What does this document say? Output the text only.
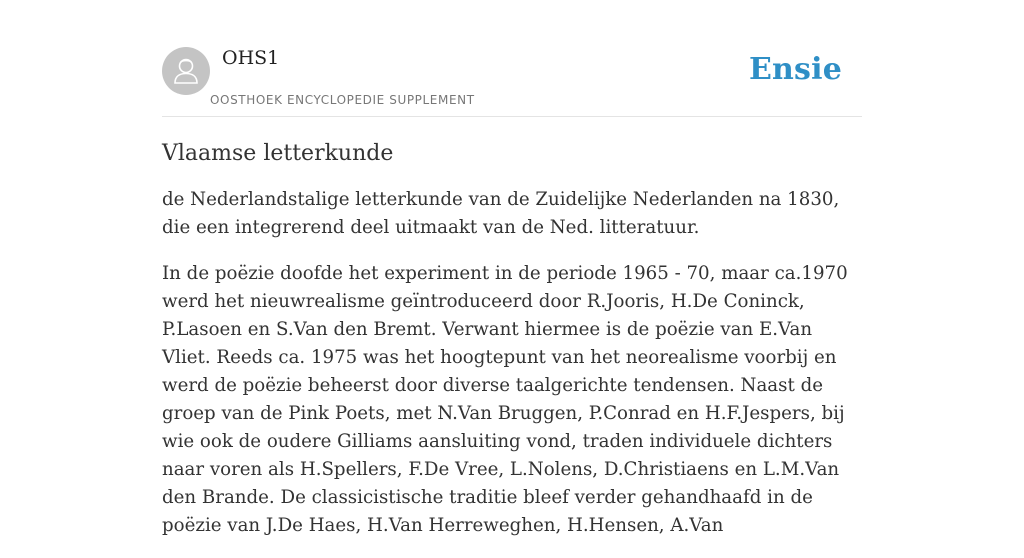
OHS1
OOSTHOEK ENCYCLOPEDIE SUPPLEMENT
Ensie
Vlaamse letterkunde

de Nederlandstalige letterkunde van de Zuidelijke Nederlanden na 1830, die een integrerend deel uitmaakt van de Ned. litteratuur.

In de poëzie doofde het experiment in de periode 1965 - 70, maar ca.1970 werd het nieuwrealisme geïntroduceerd door R.Jooris, H.De Coninck, P.Lasoen en S.Van den Bremt. Verwant hiermee is de poëzie van E.Van Vliet. Reeds ca. 1975 was het hoogtepunt van het neorealisme voorbij en werd de poëzie beheerst door diverse taalgerichte tendensen. Naast de groep van de Pink Poets, met N.Van Bruggen, P.Conrad en H.F.Jespers, bij wie ook de oudere Gilliams aansluiting vond, traden individuele dichters naar voren als H.Spellers, F.De Vree, L.Nolens, D.Christiaens en L.M.Van den Brande. De classicistische traditie bleef verder gehandhaafd in de poëzie van J.De Haes, H.Van Herreweghen, H.Hensen, A.Van
